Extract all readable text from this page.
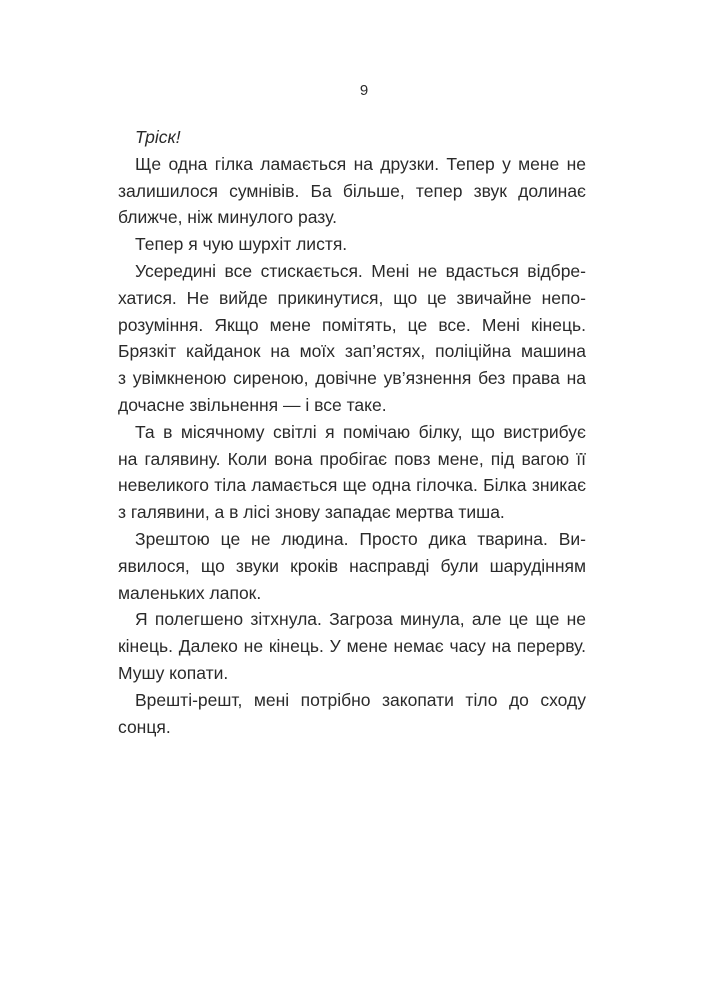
9
Тріск!
Ще одна гілка ламається на друзки. Тепер у мене не
залишилося сумнівів. Ба більше, тепер звук долинає
ближче, ніж минулого разу.
Тепер я чую шурхіт листя.
Усередині все стискається. Мені не вдасться відбре-
хатися. Не вийде прикинутися, що це звичайне непо-
розуміння. Якщо мене помітять, це все. Мені кінець.
Брязкіт кайданок на моїх зап’ястях, поліційна машина
з увімкненою сиреною, довічне ув’язнення без права на
дочасне звільнення — і все таке.
Та в місячному світлі я помічаю білку, що вистрибує
на галявину. Коли вона пробігає повз мене, під вагою її
невеликого тіла ламається ще одна гілочка. Білка зникає
з галявини, а в лісі знову западає мертва тиша.
Зрештою це не людина. Просто дика тварина. Ви-
явилося, що звуки кроків насправді були шарудінням
маленьких лапок.
Я полегшено зітхнула. Загроза минула, але це ще не
кінець. Далеко не кінець. У мене немає часу на перерву.
Мушу копати.
Врешті-решт, мені потрібно закопати тіло до сходу
сонця.
